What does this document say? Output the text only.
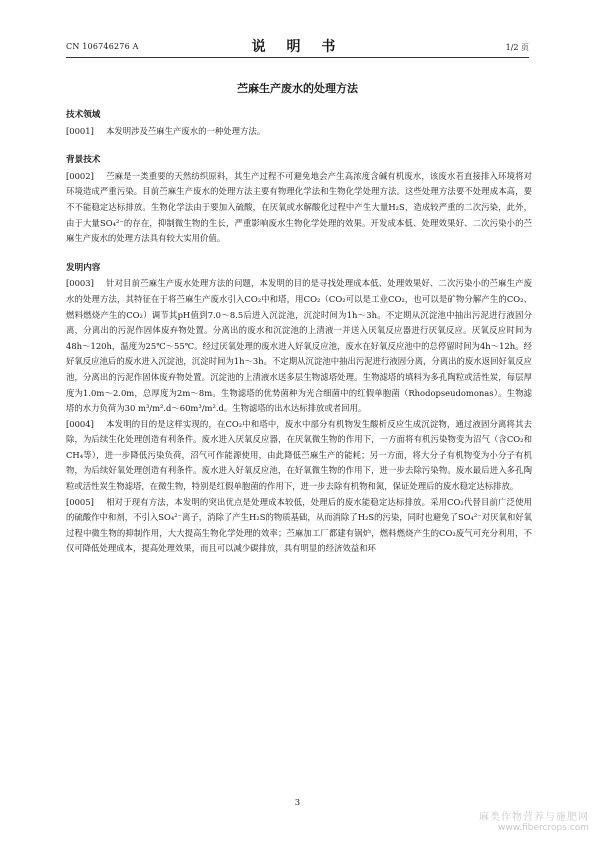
CN 106746276 A	说 明 书	1/2 页
苎麻生产废水的处理方法
技术领域

[0001] 本发明涉及苎麻生产废水的一种处理方法。

背景技术

[0002] 苎麻是一类重要的天然纺织原料，其生产过程不可避免地会产生高浓度含碱有机废水，该废水若直接排入环境将对环境造成严重污染。目前苎麻生产废水的处理方法主要有物理化学法和生物化学处理方法。这些处理方法要不处理成本高，要不不能稳定达标排放。生物化学法由于要加入硫酸，在厌氧或水解酸化过程中产生大量H₂S，造成较严重的二次污染，此外，由于大量SO₄²⁻的存在，抑制微生物的生长，严重影响废水生物化学处理的效果。开发成本低、处理效果好、二次污染小的苎麻生产废水的处理方法具有较大实用价值。

发明内容

[0003] 针对目前苎麻生产废水处理方法的问题，本发明的目的是寻找处理成本低、处理效果好、二次污染小的苎麻生产废水的处理方法，其特征在于将苎麻生产废水引入CO₂中和塔，用CO₂（CO₂可以是工业CO₂，也可以是矿物分解产生的CO₂、燃料燃烧产生的CO₂）调节其pH值到7.0～8.5后进入沉淀池，沉淀时间为1h～3h。不定期从沉淀池中抽出污泥进行液固分离，分离出的污泥作固体废弃物处置。分离出的废水和沉淀池的上清液一并送入厌氧反应器进行厌氧反应。厌氧反应时间为48h～120h，温度为25℃～55℃。经过厌氧处理的废水进入好氧反应池，废水在好氧反应池中的总停留时间为4h～12h。经好氧反应池后的废水进入沉淀池，沉淀时间为1h～3h。不定期从沉淀池中抽出污泥进行液固分离，分离出的废水返回好氧反应池，分离出的污泥作固体废弃物处置。沉淀池的上清液水送多层生物滤塔处理。生物滤塔的填料为多孔陶粒或活性炭，每层厚度为1.0m～2.0m，总厚度为2m～8m。生物滤塔的优势菌种为光合细菌中的红假单胞菌（Rhodopseudomonas）。生物滤塔的水力负荷为30 m³/m².d～60m³/m².d。生物滤塔的出水达标排放或者回用。

[0004] 本发明的目的是这样实现的，在CO₂中和塔中，废水中部分有机物发生酸析反应生成沉淀物，通过液固分离将其去除，为后续生化处理创造有利条件。废水进入厌氧反应器，在厌氧微生物的作用下，一方面将有机污染物变为沼气（含CO₂和CH₄等），进一步降低污染负荷，沼气可作能源使用，由此降低苎麻生产的能耗；另一方面，将大分子有机物变为小分子有机物，为后续好氧处理创造有利条件。废水进入好氧反应池，在好氧微生物的作用下，进一步去除污染物。废水最后进入多孔陶粒或活性炭生物滤塔，在微生物，特别是红假单胞菌的作用下，进一步去除有机物和氮，保证处理后的废水稳定达标排放。

[0005] 相对于现有方法，本发明的突出优点是处理成本较低，处理后的废水能稳定达标排放。采用CO₂代替目前广泛使用的硫酸作中和剂，不引入SO₄²⁻离子，消除了产生H₂S的物质基础，从而消除了H₂S的污染，同时也避免了SO₄²⁻对厌氧和好氧过程中微生物的抑制作用，大大提高生物化学处理的效率；苎麻加工厂都建有锅炉，燃料燃烧产生的CO₂废气可充分利用，不仅可降低处理成本，提高处理效果，而且可以减少碳排放，具有明显的经济效益和环

3
麻类作物营养与施肥网
www.fibercrops.com
